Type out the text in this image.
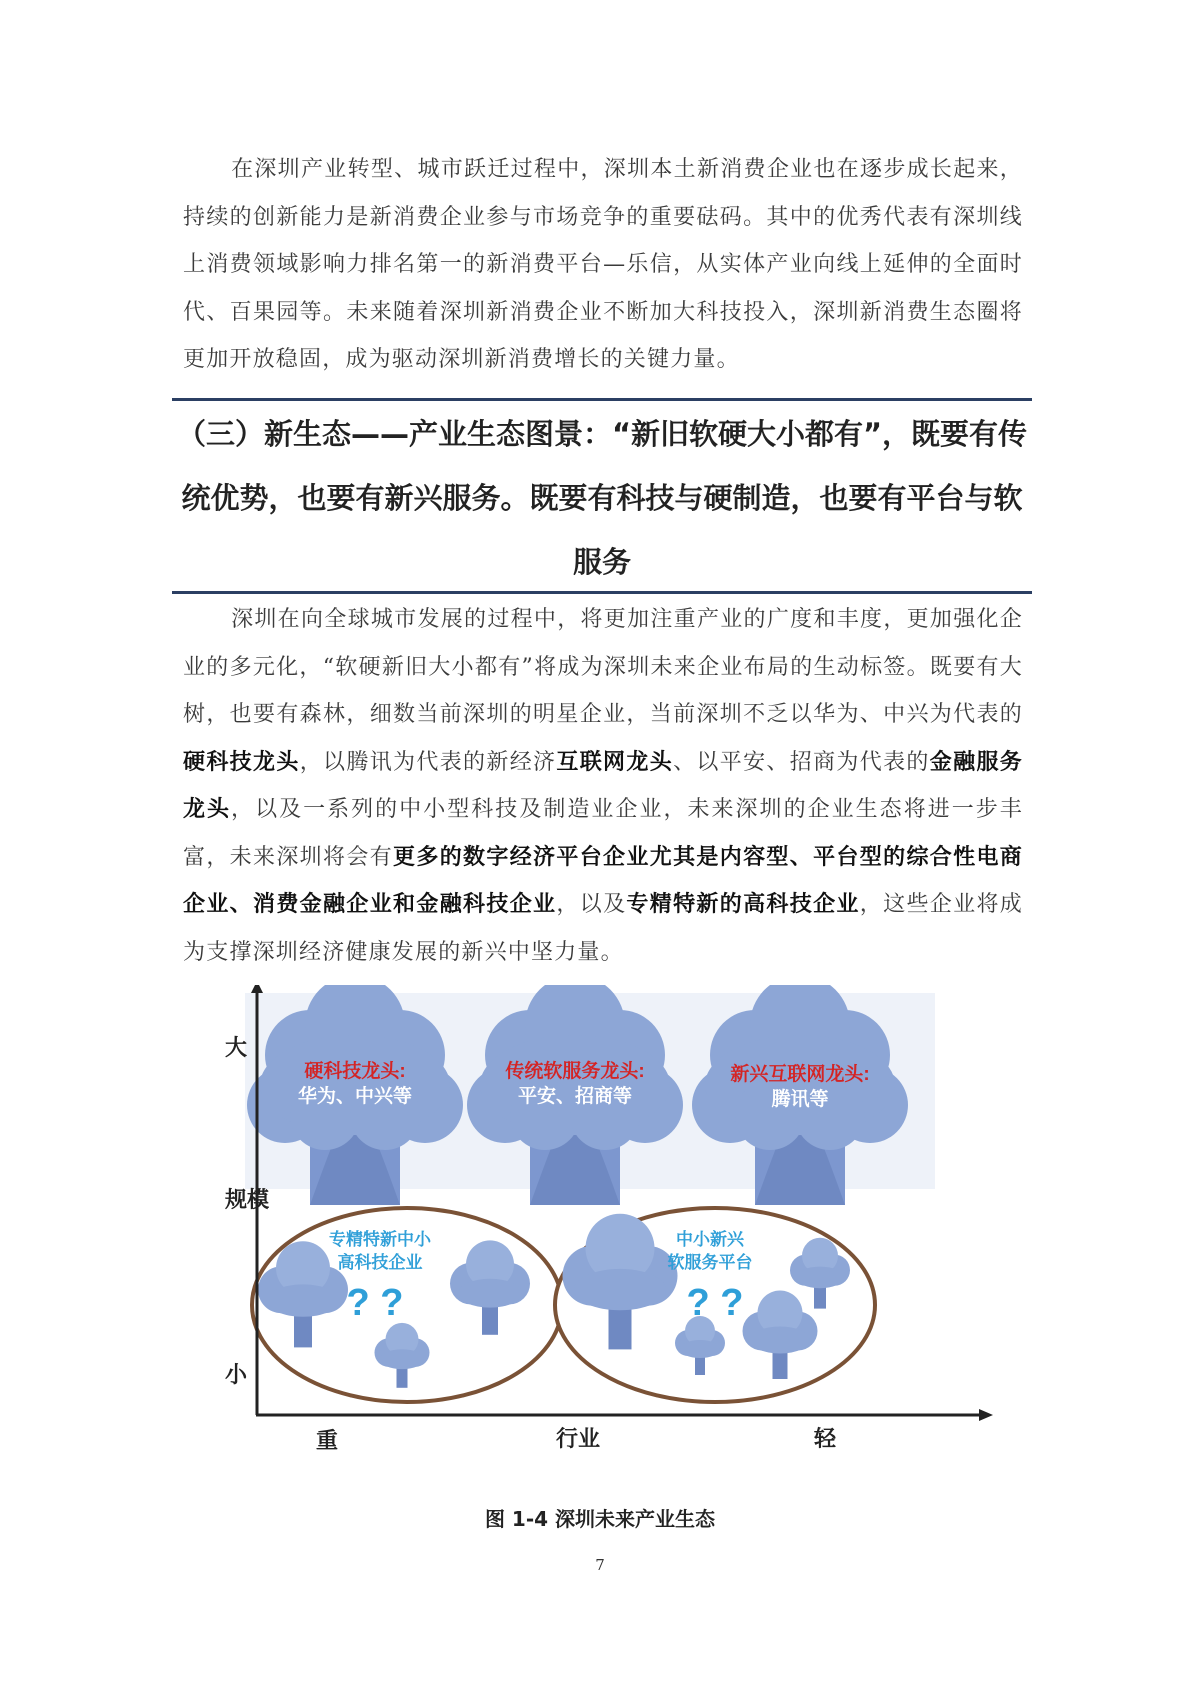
在深圳产业转型、城市跃迁过程中，深圳本土新消费企业也在逐步成长起来，持续的创新能力是新消费企业参与市场竞争的重要砝码。其中的优秀代表有深圳线上消费领域影响力排名第一的新消费平台—乐信，从实体产业向线上延伸的全面时代、百果园等。未来随着深圳新消费企业不断加大科技投入，深圳新消费生态圈将更加开放稳固，成为驱动深圳新消费增长的关键力量。
（三）新生态——产业生态图景：“新旧软硬大小都有”，既要有传统优势，也要有新兴服务。既要有科技与硬制造，也要有平台与软服务
深圳在向全球城市发展的过程中，将更加注重产业的广度和丰度，更加强化企业的多元化，“软硬新旧大小都有”将成为深圳未来企业布局的生动标签。既要有大树，也要有森林，细数当前深圳的明星企业，当前深圳不乏以华为、中兴为代表的硬科技龙头，以腾讯为代表的新经济互联网龙头、以平安、招商为代表的金融服务龙头，以及一系列的中小型科技及制造业企业，未来深圳的企业生态将进一步丰富，未来深圳将会有更多的数字经济平台企业尤其是内容型、平台型的综合性电商企业、消费金融企业和金融科技企业，以及专精特新的高科技企业，这些企业将成为支撑深圳经济健康发展的新兴中坚力量。
硬科技龙头:
华为、中兴等
传统软服务龙头:
平安、招商等
新兴互联网龙头:
腾讯等
专精特新中小
高科技企业
? ?
中小新兴
软服务平台
? ?
大
规模
小
重	行业	轻
图 1-4 深圳未来产业生态
7
